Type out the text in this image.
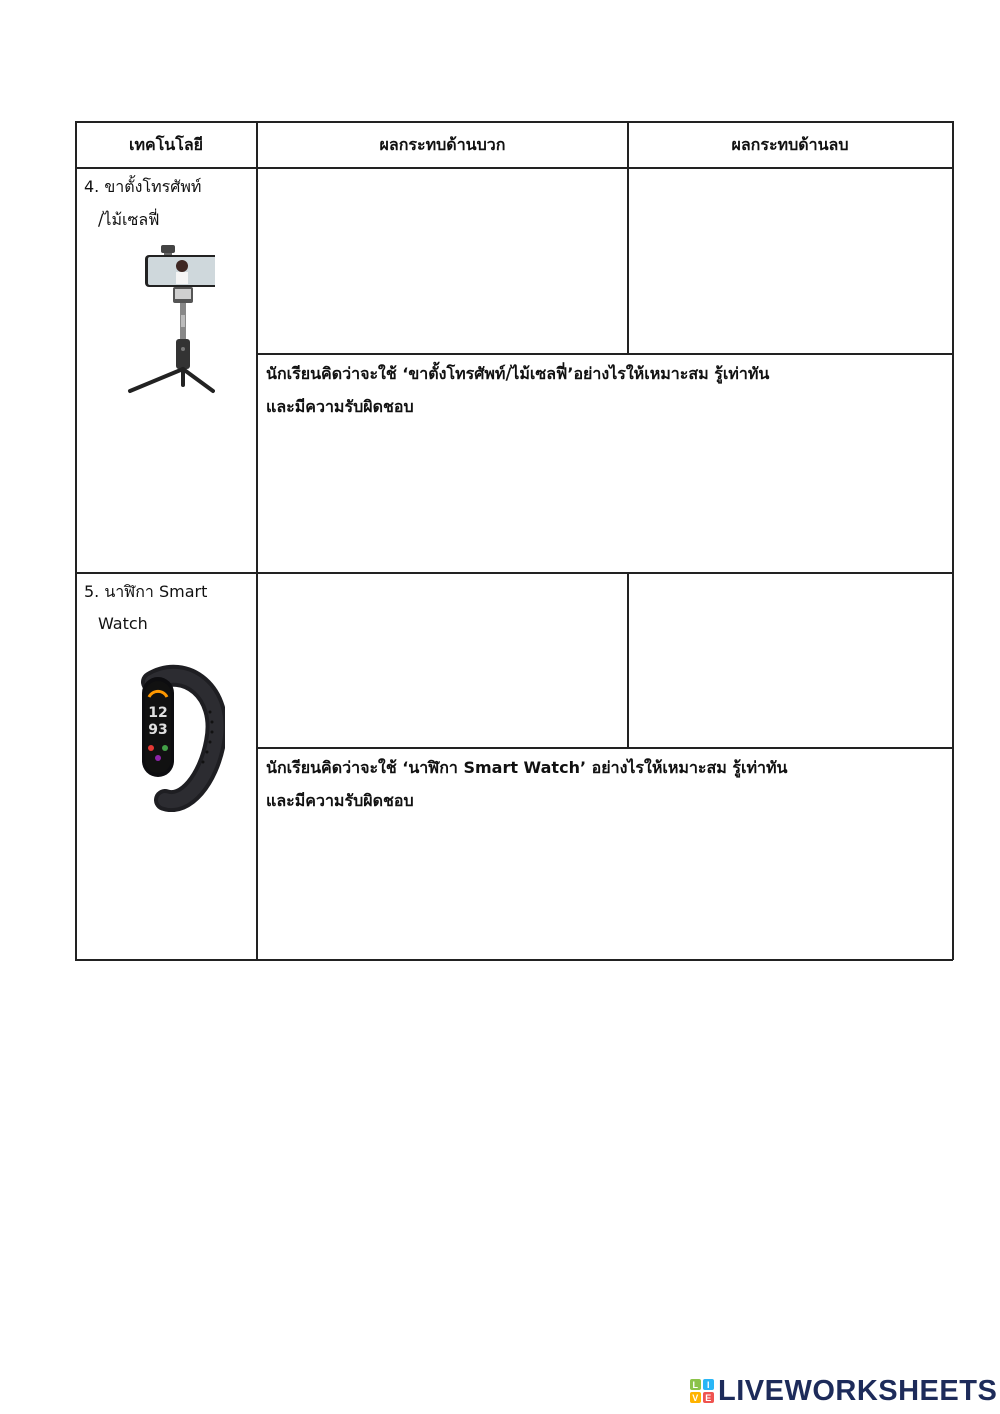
เทคโนโลยี	ผลกระทบด้านบวก	ผลกระทบด้านลบ
4. ขาตั้งโทรศัพท์
/ไม้เซลฟี่
นักเรียนคิดว่าจะใช้ ‘ขาตั้งโทรศัพท์/ไม้เซลฟี่’อย่างไรให้เหมาะสม รู้เท่าทัน
และมีความรับผิดชอบ
5. นาฬิกา Smart
Watch
12
93
นักเรียนคิดว่าจะใช้ ‘นาฬิกา Smart Watch’ อย่างไรให้เหมาะสม รู้เท่าทัน
และมีความรับผิดชอบ
L I
V E LIVEWORKSHEETS
